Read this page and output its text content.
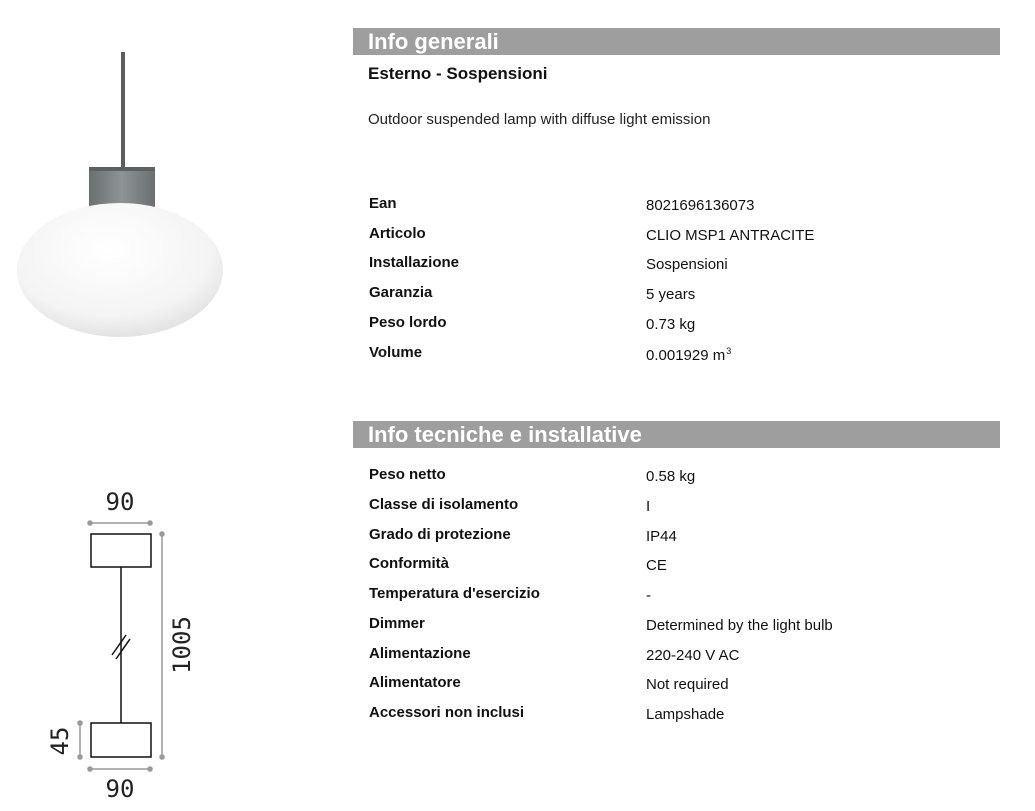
90
90
1005
45
Info generali
Esterno - Sospensioni
Outdoor suspended lamp with diffuse light emission
Ean	8021696136073
Articolo	CLIO MSP1 ANTRACITE
Installazione	Sospensioni
Garanzia	5 years
Peso lordo	0.73 kg
Volume	0.001929 $m^3$
Info tecniche e installative
Peso netto	0.58 kg
Classe di isolamento	I
Grado di protezione	IP44
Conformità	CE
Temperatura d'esercizio	-
Dimmer	Determined by the light bulb
Alimentazione	220-240 V AC
Alimentatore	Not required
Accessori non inclusi	Lampshade
